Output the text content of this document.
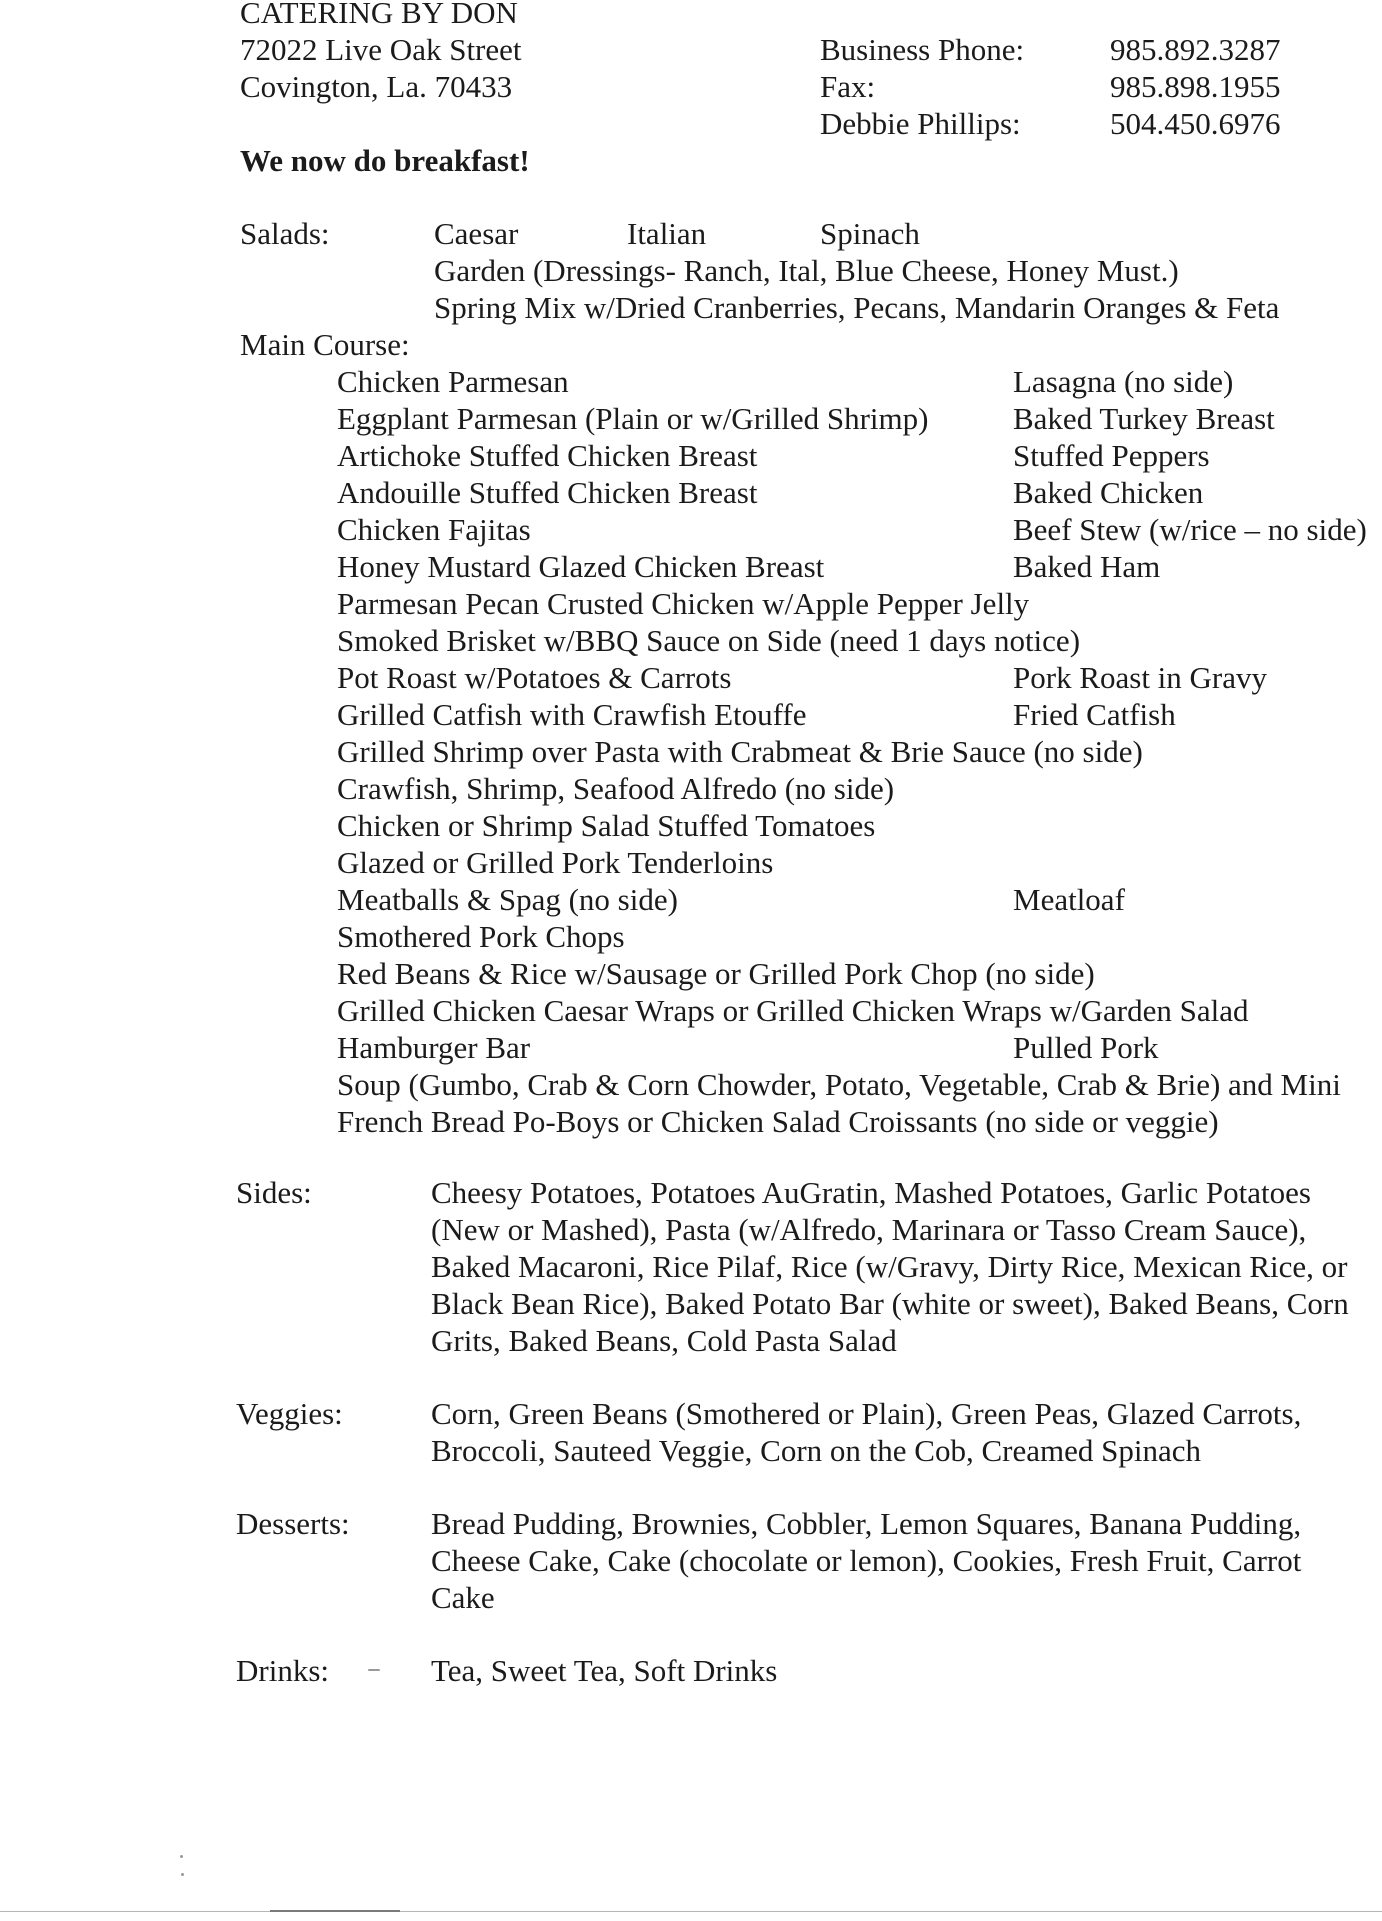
CATERING BY DON
72022 Live Oak Street
Covington, La. 70433
Business Phone:	985.892.3287
Fax:	985.898.1955
Debbie Phillips:	504.450.6976
We now do breakfast!
Salads:	Caesar	Italian	Spinach
Garden (Dressings- Ranch, Ital, Blue Cheese, Honey Must.)
Spring Mix w/Dried Cranberries, Pecans, Mandarin Oranges & Feta
Main Course:
Chicken Parmesan	Lasagna (no side)
Eggplant Parmesan (Plain or w/Grilled Shrimp)	Baked Turkey Breast
Artichoke Stuffed Chicken Breast	Stuffed Peppers
Andouille Stuffed Chicken Breast	Baked Chicken
Chicken Fajitas	Beef Stew (w/rice – no side)
Honey Mustard Glazed Chicken Breast	Baked Ham
Parmesan Pecan Crusted Chicken w/Apple Pepper Jelly
Smoked Brisket w/BBQ Sauce on Side (need 1 days notice)
Pot Roast w/Potatoes & Carrots	Pork Roast in Gravy
Grilled Catfish with Crawfish Etouffe	Fried Catfish
Grilled Shrimp over Pasta with Crabmeat & Brie Sauce (no side)
Crawfish, Shrimp, Seafood Alfredo (no side)
Chicken or Shrimp Salad Stuffed Tomatoes
Glazed or Grilled Pork Tenderloins
Meatballs & Spag (no side)	Meatloaf
Smothered Pork Chops
Red Beans & Rice w/Sausage or Grilled Pork Chop (no side)
Grilled Chicken Caesar Wraps or Grilled Chicken Wraps w/Garden Salad
Hamburger Bar	Pulled Pork
Soup (Gumbo, Crab & Corn Chowder, Potato, Vegetable, Crab & Brie) and Mini
French Bread Po-Boys or Chicken Salad Croissants (no side or veggie)
Sides:	Cheesy Potatoes, Potatoes AuGratin, Mashed Potatoes, Garlic Potatoes
(New or Mashed), Pasta (w/Alfredo, Marinara or Tasso Cream Sauce),
Baked Macaroni, Rice Pilaf, Rice (w/Gravy, Dirty Rice, Mexican Rice, or
Black Bean Rice), Baked Potato Bar (white or sweet), Baked Beans, Corn
Grits, Baked Beans, Cold Pasta Salad
Veggies:	Corn, Green Beans (Smothered or Plain), Green Peas, Glazed Carrots,
Broccoli, Sauteed Veggie, Corn on the Cob, Creamed Spinach
Desserts:	Bread Pudding, Brownies, Cobbler, Lemon Squares, Banana Pudding,
Cheese Cake, Cake (chocolate or lemon), Cookies, Fresh Fruit, Carrot
Cake
Drinks:	Tea, Sweet Tea, Soft Drinks
